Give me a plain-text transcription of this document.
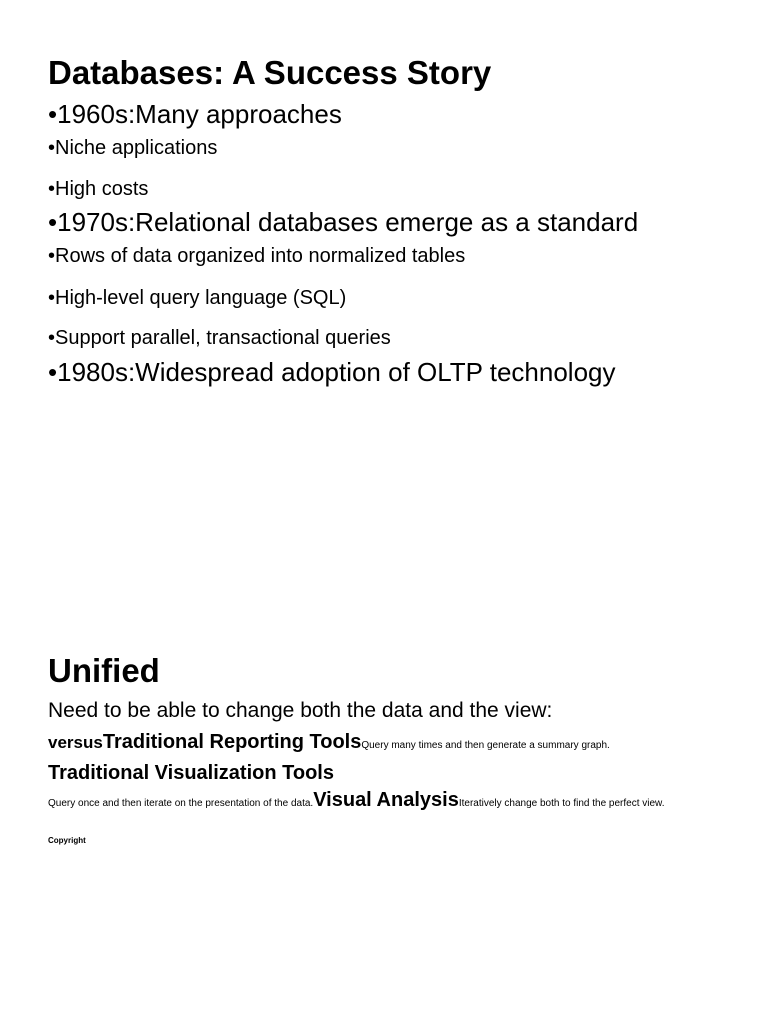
Databases: A Success Story
•1960s:Many approaches
•Niche applications
•High costs
•1970s:Relational databases emerge as a standard
•Rows of data organized into normalized tables
•High-level query language (SQL)
•Support parallel, transactional queries
•1980s:Widespread adoption of OLTP technology
Unified
Need to be able to change both the data and the view:
versusTraditional Reporting ToolsQuery many times and then generate a summary graph.
Traditional Visualization Tools
Query once and then iterate on the presentation of the data.Visual AnalysisIteratively change both to find the perfect view.
Copyright
